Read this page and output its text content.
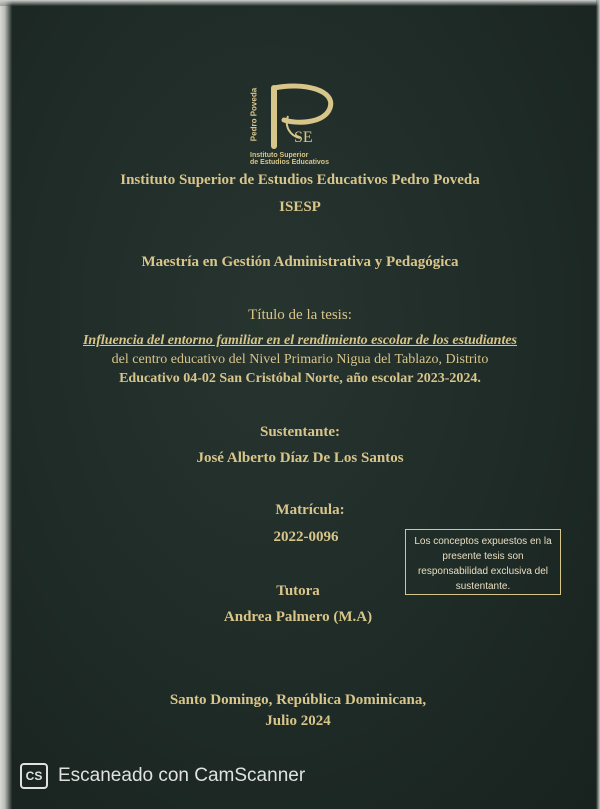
SE
Pedro Poveda
Instituto Superior
de Estudios Educativos
Instituto Superior de Estudios Educativos Pedro Poveda
ISESP
Maestría en Gestión Administrativa y Pedagógica
Título de la tesis:
Influencia del entorno familiar en el rendimiento escolar de los estudiantes
del centro educativo del Nivel Primario Nigua del Tablazo, Distrito
Educativo 04-02 San Cristóbal Norte, año escolar 2023-2024.
Sustentante:
José Alberto Díaz De Los Santos
Matrícula:
2022-0096
Tutora
Andrea Palmero (M.A)
Santo Domingo, República Dominicana,
Julio 2024
Los conceptos expuestos en la
presente tesis son
responsabilidad exclusiva del
sustentante.
CS Escaneado con CamScanner
